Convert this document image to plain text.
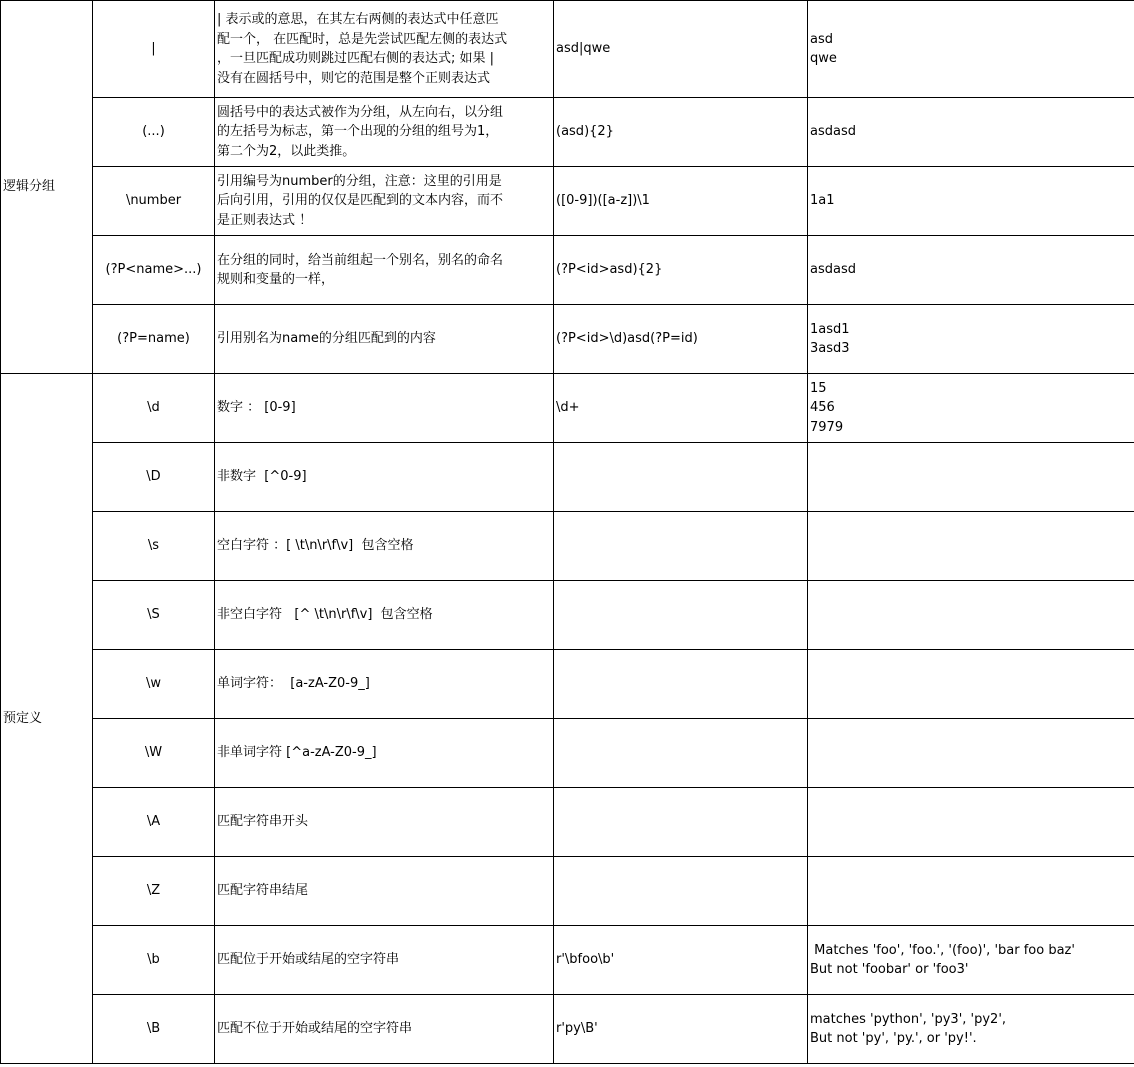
逻辑分组	|	| 表示或的意思，在其左右两侧的表达式中任意匹
配一个， 在匹配时，总是先尝试匹配左侧的表达式
，一旦匹配成功则跳过匹配右侧的表达式; 如果 |
没有在圆括号中，则它的范围是整个正则表达式	asd|qwe	asd
qwe

	(...)	圆括号中的表达式被作为分组，从左向右，以分组
的左括号为标志，第一个出现的分组的组号为1，
第二个为2，以此类推。	(asd){2}	asdasd

	\number	引用编号为number的分组，注意：这里的引用是
后向引用，引用的仅仅是匹配到的文本内容，而不
是正则表达式 ！	([0-9])([a-z])\1	1a1

	(?P<name>...)	在分组的同时，给当前组起一个别名，别名的命名
规则和变量的一样，	(?P<id>asd){2}	asdasd

	(?P=name)	引用别名为name的分组匹配到的内容	(?P<id>\d)asd(?P=id)	1asd1
3asd3

预定义	\d	数字 ： [0-9]	\d+	15
456
7979

	\D	非数字  [^0-9]		

	\s	空白字符 ：[ \t\n\r\f\v]  包含空格		

	\S	非空白字符   [^ \t\n\r\f\v]  包含空格		

	\w	单词字符：  [a-zA-Z0-9_]		

	\W	非单词字符 [^a-zA-Z0-9_]		

	\A	匹配字符串开头		

	\Z	匹配字符串结尾		

	\b	匹配位于开始或结尾的空字符串	r'\bfoo\b'	Matches 'foo', 'foo.', '(foo)', 'bar foo baz'
But not 'foobar' or 'foo3'

	\B	匹配不位于开始或结尾的空字符串	r'py\B'	matches 'python', 'py3', 'py2',
But not 'py', 'py.', or 'py!'.
